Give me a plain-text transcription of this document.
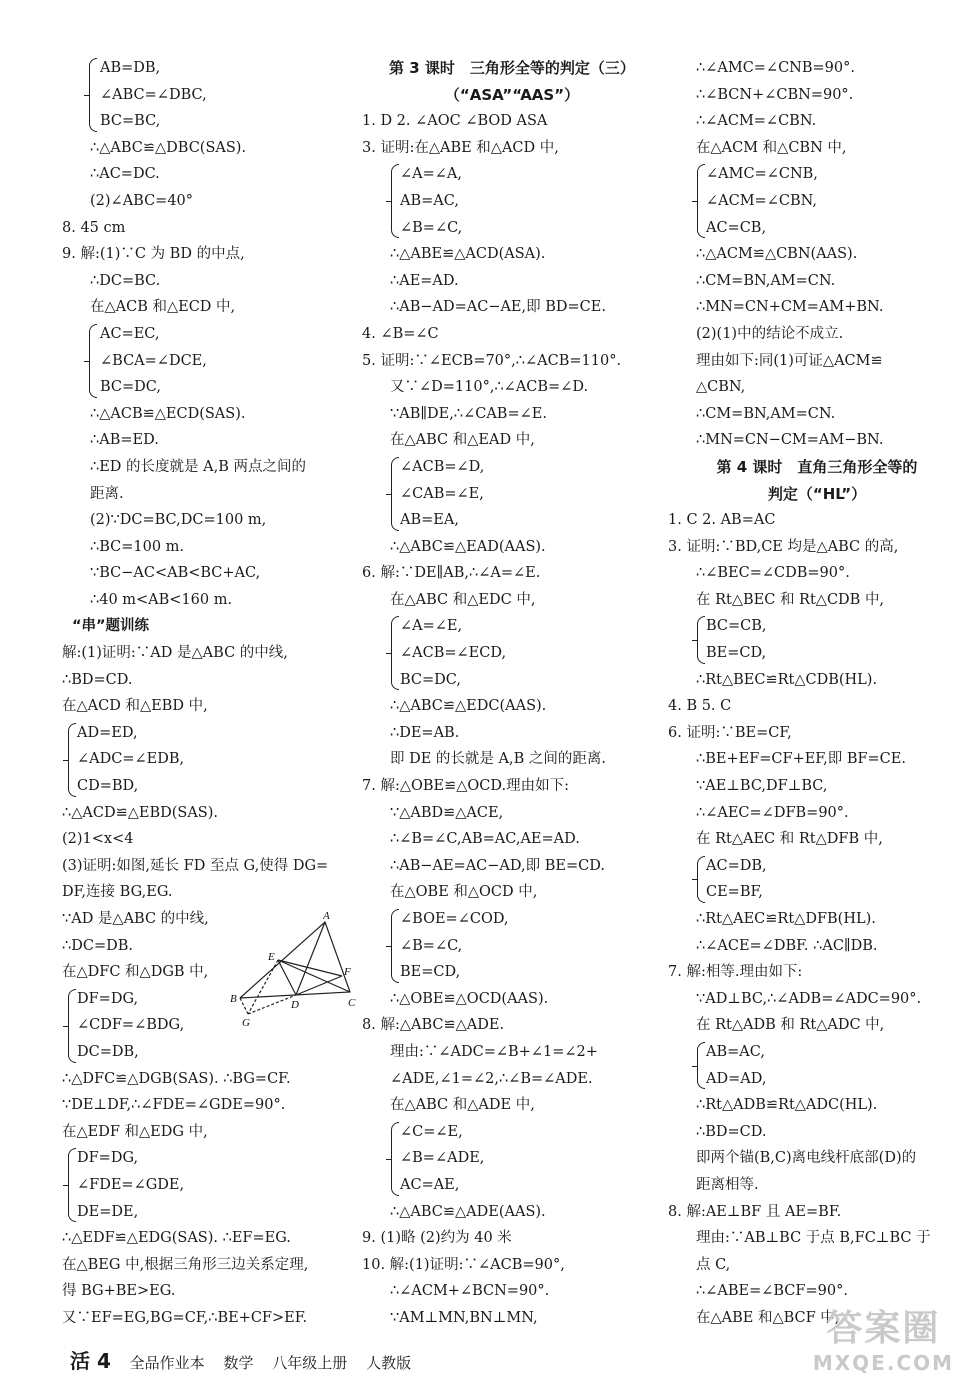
AB=DB,
∠ABC=∠DBC,
BC=BC,
∴△ABC≌△DBC(SAS).
∴AC=DC.
(2)∠ABC=40°
8. 45 cm
9. 解:(1)∵C 为 BD 的中点,
∴DC=BC.
在△ACB 和△ECD 中,
AC=EC,
∠BCA=∠DCE,
BC=DC,
∴△ACB≌△ECD(SAS).
∴AB=ED.
∴ED 的长度就是 A,B 两点之间的
距离.
(2)∵DC=BC,DC=100 m,
∴BC=100 m.
∵BC−AC<AB<BC+AC,
∴40 m<AB<160 m.
“串”题训练
解:(1)证明:∵AD 是△ABC 的中线,
∴BD=CD.
在△ACD 和△EBD 中,
AD=ED,
∠ADC=∠EDB,
CD=BD,
∴△ACD≌△EBD(SAS).
(2)1<x<4
(3)证明:如图,延长 FD 至点 G,使得 DG=
DF,连接 BG,EG.
∵AD 是△ABC 的中线,
∴DC=DB.
在△DFC 和△DGB 中,
DF=DG,
∠CDF=∠BDG,
DC=DB,
∴△DFC≌△DGB(SAS). ∴BG=CF.
∵DE⊥DF,∴∠FDE=∠GDE=90°.
在△EDF 和△EDG 中,
DF=DG,
∠FDE=∠GDE,
DE=DE,
∴△EDF≌△EDG(SAS). ∴EF=EG.
在△BEG 中,根据三角形三边关系定理,
得 BG+BE>EG.
又∵EF=EG,BG=CF,∴BE+CF>EF.
A
E
B	D
F
C
G
第 3 课时　三角形全等的判定（三）
（“ASA”“AAS”）
1. D 2. ∠AOC ∠BOD ASA
3. 证明:在△ABE 和△ACD 中,
∠A=∠A,
AB=AC,
∠B=∠C,
∴△ABE≌△ACD(ASA).
∴AE=AD.
∴AB−AD=AC−AE,即 BD=CE.
4. ∠B=∠C
5. 证明:∵∠ECB=70°,∴∠ACB=110°.
又∵∠D=110°,∴∠ACB=∠D.
∵AB∥DE,∴∠CAB=∠E.
在△ABC 和△EAD 中,
∠ACB=∠D,
∠CAB=∠E,
AB=EA,
∴△ABC≌△EAD(AAS).
6. 解:∵DE∥AB,∴∠A=∠E.
在△ABC 和△EDC 中,
∠A=∠E,
∠ACB=∠ECD,
BC=DC,
∴△ABC≌△EDC(AAS).
∴DE=AB.
即 DE 的长就是 A,B 之间的距离.
7. 解:△OBE≌△OCD.理由如下:
∵△ABD≌△ACE,
∴∠B=∠C,AB=AC,AE=AD.
∴AB−AE=AC−AD,即 BE=CD.
在△OBE 和△OCD 中,
∠BOE=∠COD,
∠B=∠C,
BE=CD,
∴△OBE≌△OCD(AAS).
8. 解:△ABC≌△ADE.
理由:∵∠ADC=∠B+∠1=∠2+
∠ADE,∠1=∠2,∴∠B=∠ADE.
在△ABC 和△ADE 中,
∠C=∠E,
∠B=∠ADE,
AC=AE,
∴△ABC≌△ADE(AAS).
9. (1)略 (2)约为 40 米
10. 解:(1)证明:∵∠ACB=90°,
∴∠ACM+∠BCN=90°.
∵AM⊥MN,BN⊥MN,
∴∠AMC=∠CNB=90°.
∴∠BCN+∠CBN=90°.
∴∠ACM=∠CBN.
在△ACM 和△CBN 中,
∠AMC=∠CNB,
∠ACM=∠CBN,
AC=CB,
∴△ACM≌△CBN(AAS).
∴CM=BN,AM=CN.
∴MN=CN+CM=AM+BN.
(2)(1)中的结论不成立.
理由如下:同(1)可证△ACM≌
△CBN,
∴CM=BN,AM=CN.
∴MN=CN−CM=AM−BN.
第 4 课时　直角三角形全等的
判定（“HL”）
1. C 2. AB=AC
3. 证明:∵BD,CE 均是△ABC 的高,
∴∠BEC=∠CDB=90°.
在 Rt△BEC 和 Rt△CDB 中,
BC=CB,
BE=CD,
∴Rt△BEC≌Rt△CDB(HL).
4. B 5. C
6. 证明:∵BE=CF,
∴BE+EF=CF+EF,即 BF=CE.
∵AE⊥BC,DF⊥BC,
∴∠AEC=∠DFB=90°.
在 Rt△AEC 和 Rt△DFB 中,
AC=DB,
CE=BF,
∴Rt△AEC≌Rt△DFB(HL).
∴∠ACE=∠DBF. ∴AC∥DB.
7. 解:相等.理由如下:
∵AD⊥BC,∴∠ADB=∠ADC=90°.
在 Rt△ADB 和 Rt△ADC 中,
AB=AC,
AD=AD,
∴Rt△ADB≌Rt△ADC(HL).
∴BD=CD.
即两个锚(B,C)离电线杆底部(D)的
距离相等.
8. 解:AE⊥BF 且 AE=BF.
理由:∵AB⊥BC 于点 B,FC⊥BC 于
点 C,
∴∠ABE=∠BCF=90°.
在△ABE 和△BCF 中,
活 4 全品作业本 数学 八年级上册 人教版
答案圈
MXQE.COM
